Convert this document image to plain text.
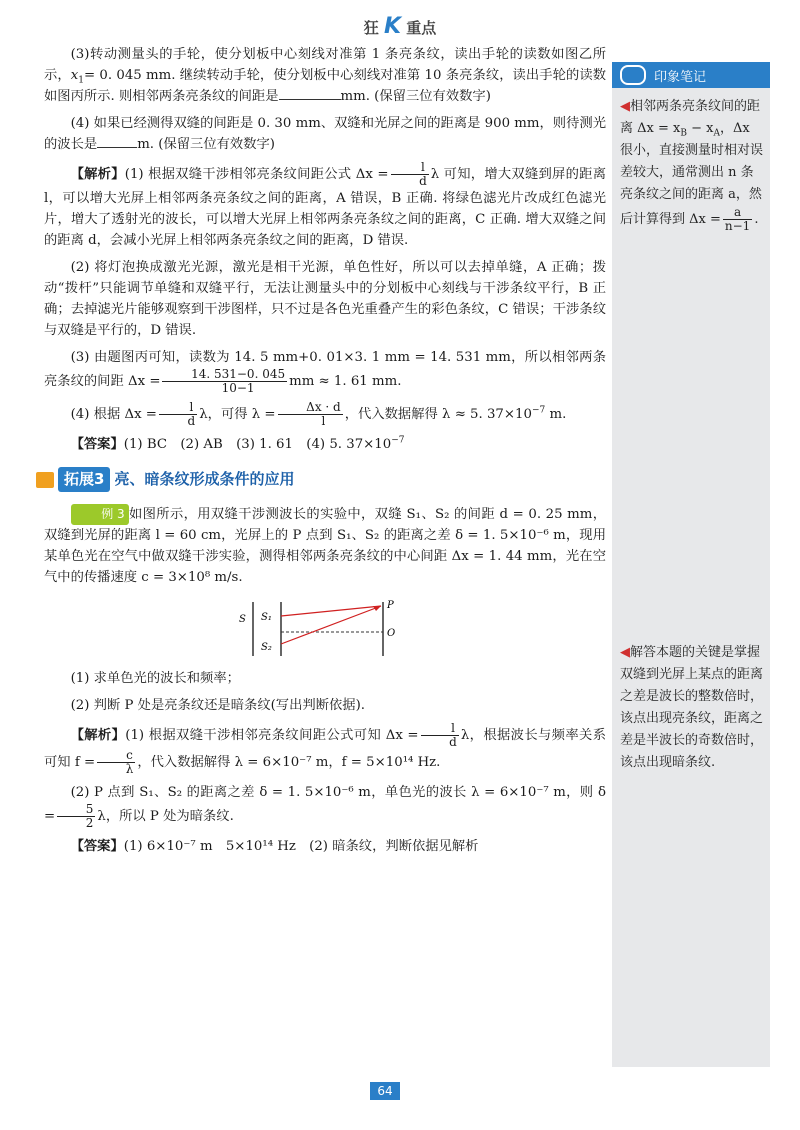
狂 K 重点

(3)转动测量头的手轮，使分划板中心刻线对准第 1 条亮条纹，读出手轮的读数如图乙所示，$x_1= 0$. 045 mm. 继续转动手轮，使分划板中心刻线对准第 10 条亮条纹，读出手轮的读数如图丙所示. 则相邻两条亮条纹的间距是	mm. (保留三位有效数字)

(4) 如果已经测得双缝的间距是 0. 30 mm、双缝和光屏之间的距离是 900 mm，则待测光的波长是	m. (保留三位有效数字)

【解析】(1) 根据双缝干涉相邻亮条纹间距公式 $\Delta x = \frac{l}{d}$ λ 可知，增大双缝到屏的距离 l，可以增大光屏上相邻两条亮条纹之间的距离，A 错误，B 正确. 将绿色滤光片改成红色滤光片，增大了透射光的波长，可以增大光屏上相邻两条亮条纹之间的距离，C 正确. 增大双缝之间的距离 d，会减小光屏上相邻两条亮条纹之间的距离，D 错误.

(2) 将灯泡换成激光光源，激光是相干光源，单色性好，所以可以去掉单缝，A 正确；拨动“拨杆”只能调节单缝和双缝平行，无法让测量头中的分划板中心刻线与干涉条纹平行，B 正确；去掉滤光片能够观察到干涉图样，只不过是各色光重叠产生的彩色条纹，C 错误；干涉条纹与双缝是平行的，D 错误.

(3) 由题图丙可知，读数为 14. 5 mm+0. 01×3. 1 mm = 14. 531 mm，所以相邻两条亮条纹的间距 $\Delta x = \frac{14. 531-0. 045}{10-1}$ mm ≈ 1. 61 mm.

(4) 根据 $\Delta x = \frac{l}{d}$ λ，可得 $\lambda = \frac{\Delta x \cdot d}{l}$ ，代入数据解得 λ ≈ 5. $37\times 10^{-7}$ m.

【答案】(1) BC　(2) AB　(3) 1. 61　(4) 5. $37\times 10^{-7}$

拓展3 亮、暗条纹形成条件的应用

例 3 如图所示，用双缝干涉测波长的实验中，双缝 S₁、S₂ 的间距 d = 0. 25 mm，双缝到光屏的距离 l = 60 cm，光屏上的 P 点到 S₁、S₂ 的距离之差 δ = 1. 5×10⁻⁶ m，现用某单色光在空气中做双缝干涉实验，测得相邻两条亮条纹的中心间距 Δx = 1. 44 mm，光在空气中的传播速度 c = 3×10⁸ m/s.

S S₁
S₂
P
O

(1) 求单色光的波长和频率；

(2) 判断 P 处是亮条纹还是暗条纹(写出判断依据).

【解析】(1) 根据双缝干涉相邻亮条纹间距公式可知 $\Delta x = \frac{l}{d}$ λ，根据波长与频率关系可知 $f = \frac{c}{\lambda}$ ，代入数据解得 λ = 6×10⁻⁷ m，f = 5×10¹⁴ Hz.

(2) P 点到 S₁、S₂ 的距离之差 δ = 1. 5×10⁻⁶ m，单色光的波长 λ = 6×10⁻⁷ m，则 $\delta = \frac{5}{2}$ λ，所以 P 处为暗条纹.

【答案】(1) 6×10⁻⁷ m　5×10¹⁴ Hz　(2) 暗条纹，判断依据见解析

印象笔记
◀相邻两条亮条纹间的距离 $\Delta x = x_B - x_A$，Δx 很小，直接测量时相对误差较大，通常测出 n 条亮条纹之间的距离 a，然后计算得到 $\Delta x = \frac{a}{n-1}$ .
◀解答本题的关键是掌握双缝到光屏上某点的距离之差是波长的整数倍时，该点出现亮条纹，距离之差是半波长的奇数倍时，该点出现暗条纹.
64
